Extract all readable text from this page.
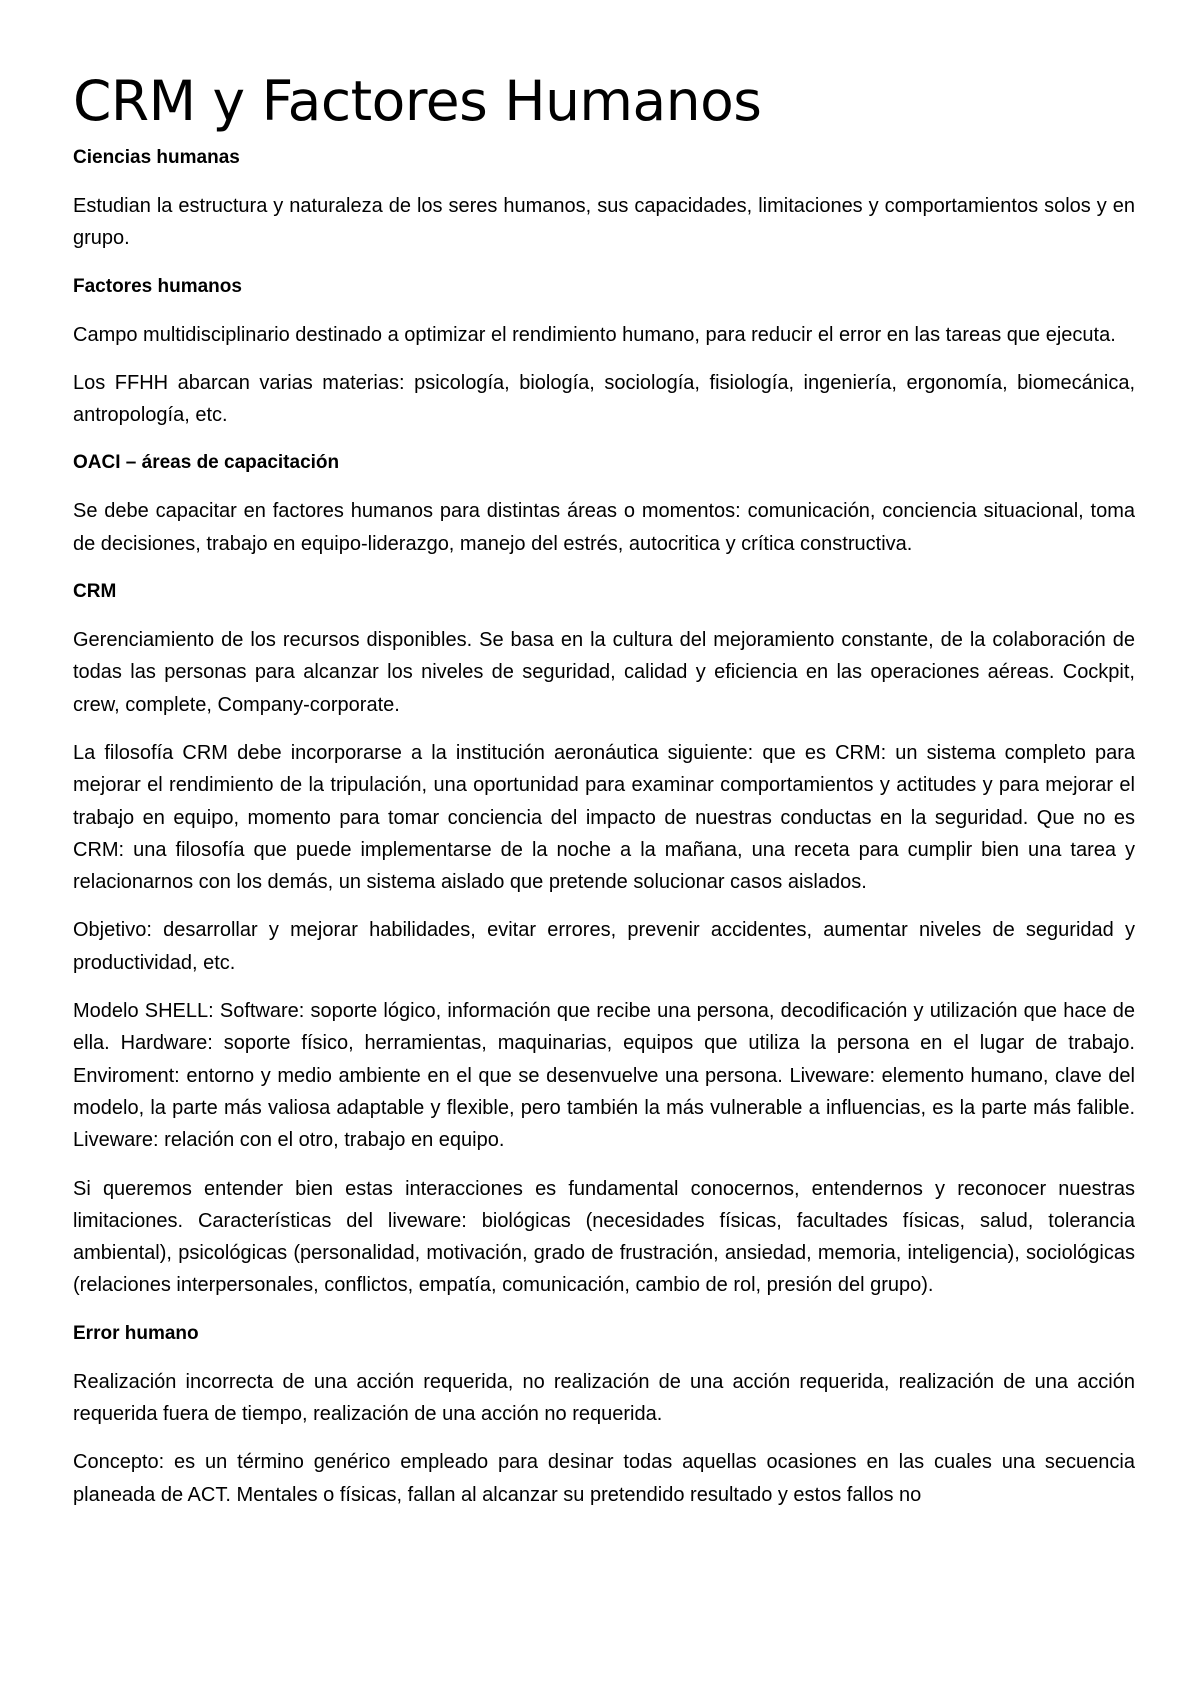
CRM y Factores Humanos
Ciencias humanas

Estudian la estructura y naturaleza de los seres humanos, sus capacidades, limitaciones y comportamientos solos y en grupo.

Factores humanos

Campo multidisciplinario destinado a optimizar el rendimiento humano, para reducir el error en las tareas que ejecuta.

Los FFHH abarcan varias materias: psicología, biología, sociología, fisiología, ingeniería, ergonomía, biomecánica, antropología, etc.

OACI – áreas de capacitación

Se debe capacitar en factores humanos para distintas áreas o momentos: comunicación, conciencia situacional, toma de decisiones, trabajo en equipo-liderazgo, manejo del estrés, autocritica y crítica constructiva.

CRM

Gerenciamiento de los recursos disponibles. Se basa en la cultura del mejoramiento constante, de la colaboración de todas las personas para alcanzar los niveles de seguridad, calidad y eficiencia en las operaciones aéreas. Cockpit, crew, complete, Company-corporate.

La filosofía CRM debe incorporarse a la institución aeronáutica siguiente: que es CRM: un sistema completo para mejorar el rendimiento de la tripulación, una oportunidad para examinar comportamientos y actitudes y para mejorar el trabajo en equipo, momento para tomar conciencia del impacto de nuestras conductas en la seguridad. Que no es CRM: una filosofía que puede implementarse de la noche a la mañana, una receta para cumplir bien una tarea y relacionarnos con los demás, un sistema aislado que pretende solucionar casos aislados.

Objetivo: desarrollar y mejorar habilidades, evitar errores, prevenir accidentes, aumentar niveles de seguridad y productividad, etc.

Modelo SHELL: Software: soporte lógico, información que recibe una persona, decodificación y utilización que hace de ella. Hardware: soporte físico, herramientas, maquinarias, equipos que utiliza la persona en el lugar de trabajo. Enviroment: entorno y medio ambiente en el que se desenvuelve una persona. Liveware: elemento humano, clave del modelo, la parte más valiosa adaptable y flexible, pero también la más vulnerable a influencias, es la parte más falible. Liveware: relación con el otro, trabajo en equipo.

Si queremos entender bien estas interacciones es fundamental conocernos, entendernos y reconocer nuestras limitaciones. Características del liveware: biológicas (necesidades físicas, facultades físicas, salud, tolerancia ambiental), psicológicas (personalidad, motivación, grado de frustración, ansiedad, memoria, inteligencia), sociológicas (relaciones interpersonales, conflictos, empatía, comunicación, cambio de rol, presión del grupo).

Error humano

Realización incorrecta de una acción requerida, no realización de una acción requerida, realización de una acción requerida fuera de tiempo, realización de una acción no requerida.

Concepto: es un término genérico empleado para desinar todas aquellas ocasiones en las cuales una secuencia planeada de ACT. Mentales o físicas, fallan al alcanzar su pretendido resultado y estos fallos no
